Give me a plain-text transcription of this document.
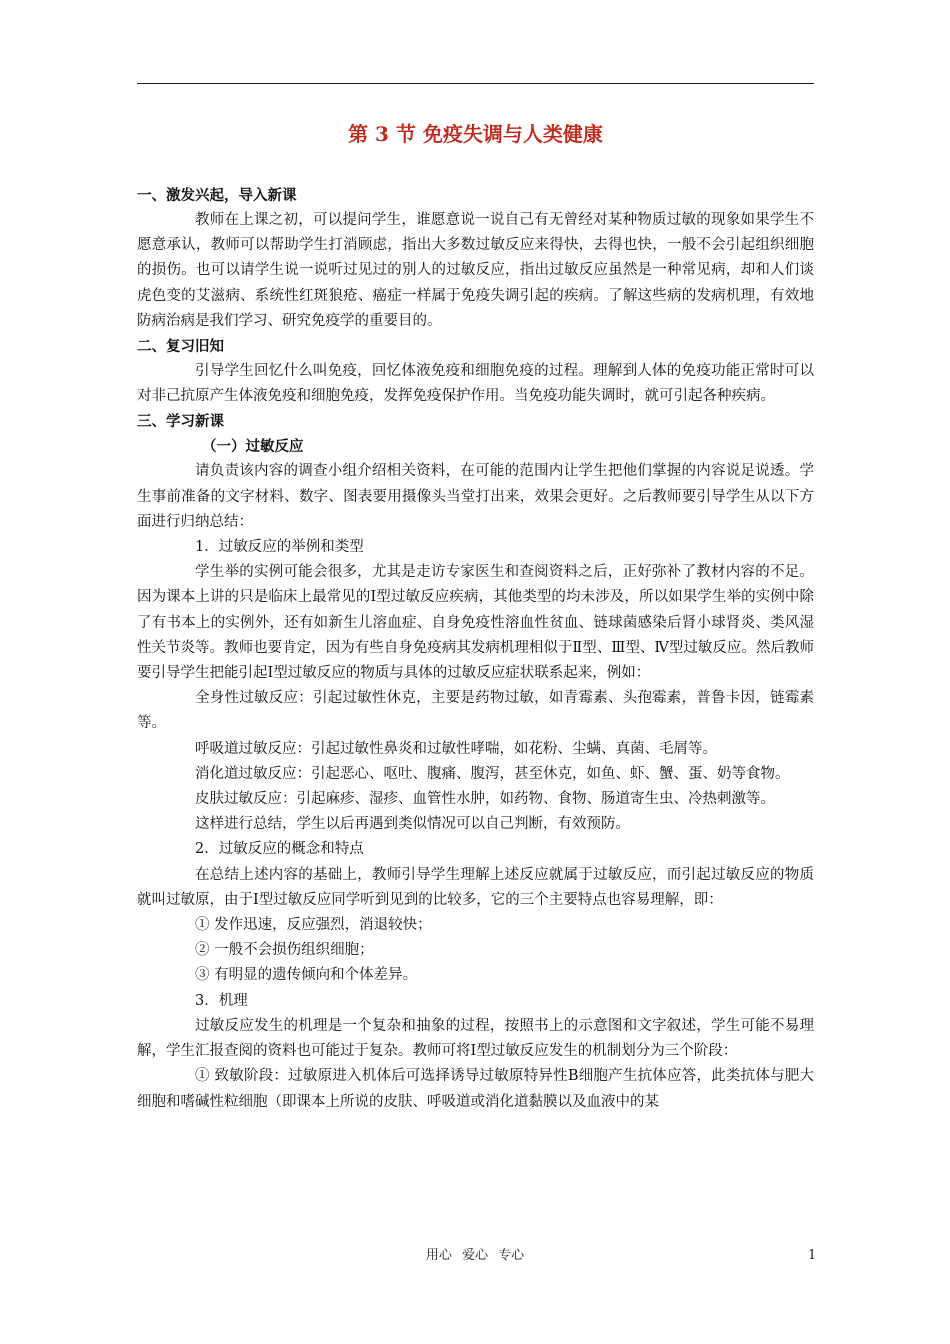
第 3 节 免疫失调与人类健康
一、激发兴起，导入新课
教师在上课之初，可以提问学生，谁愿意说一说自己有无曾经对某种物质过敏的现象如果学生不愿意承认，教师可以帮助学生打消顾虑，指出大多数过敏反应来得快，去得也快，一般不会引起组织细胞的损伤。也可以请学生说一说听过见过的别人的过敏反应，指出过敏反应虽然是一种常见病，却和人们谈虎色变的艾滋病、系统性红斑狼疮、癌症一样属于免疫失调引起的疾病。了解这些病的发病机理，有效地防病治病是我们学习、研究免疫学的重要目的。
二、复习旧知
引导学生回忆什么叫免疫，回忆体液免疫和细胞免疫的过程。理解到人体的免疫功能正常时可以对非己抗原产生体液免疫和细胞免疫，发挥免疫保护作用。当免疫功能失调时，就可引起各种疾病。
三、学习新课
（一）过敏反应
请负责该内容的调查小组介绍相关资料，在可能的范围内让学生把他们掌握的内容说足说透。学生事前准备的文字材料、数字、图表要用摄像头当堂打出来，效果会更好。之后教师要引导学生从以下方面进行归纳总结：
1．过敏反应的举例和类型
学生举的实例可能会很多，尤其是走访专家医生和查阅资料之后，正好弥补了教材内容的不足。因为课本上讲的只是临床上最常见的Ⅰ型过敏反应疾病，其他类型的均未涉及，所以如果学生举的实例中除了有书本上的实例外，还有如新生儿溶血症、自身免疫性溶血性贫血、链球菌感染后肾小球肾炎、类风湿性关节炎等。教师也要肯定，因为有些自身免疫病其发病机理相似于Ⅱ型、Ⅲ型、Ⅳ型过敏反应。然后教师要引导学生把能引起Ⅰ型过敏反应的物质与具体的过敏反应症状联系起来，例如：
全身性过敏反应：引起过敏性休克，主要是药物过敏，如青霉素、头孢霉素，普鲁卡因，链霉素等。
呼吸道过敏反应：引起过敏性鼻炎和过敏性哮喘，如花粉、尘螨、真菌、毛屑等。
消化道过敏反应：引起恶心、呕吐、腹痛、腹泻，甚至休克，如鱼、虾、蟹、蛋、奶等食物。
皮肤过敏反应：引起麻疹、湿疹、血管性水肿，如药物、食物、肠道寄生虫、冷热刺激等。
这样进行总结，学生以后再遇到类似情况可以自己判断，有效预防。
2．过敏反应的概念和特点
在总结上述内容的基础上，教师引导学生理解上述反应就属于过敏反应，而引起过敏反应的物质就叫过敏原，由于Ⅰ型过敏反应同学听到见到的比较多，它的三个主要特点也容易理解，即：
① 发作迅速，反应强烈，消退较快；
② 一般不会损伤组织细胞；
③ 有明显的遗传倾向和个体差异。
3．机理
过敏反应发生的机理是一个复杂和抽象的过程，按照书上的示意图和文字叙述，学生可能不易理解，学生汇报查阅的资料也可能过于复杂。教师可将Ⅰ型过敏反应发生的机制划分为三个阶段：
① 致敏阶段：过敏原进入机体后可选择诱导过敏原特异性B细胞产生抗体应答，此类抗体与肥大细胞和嗜碱性粒细胞（即课本上所说的皮肤、呼吸道或消化道黏膜以及血液中的某
用心 爱心 专心	1
